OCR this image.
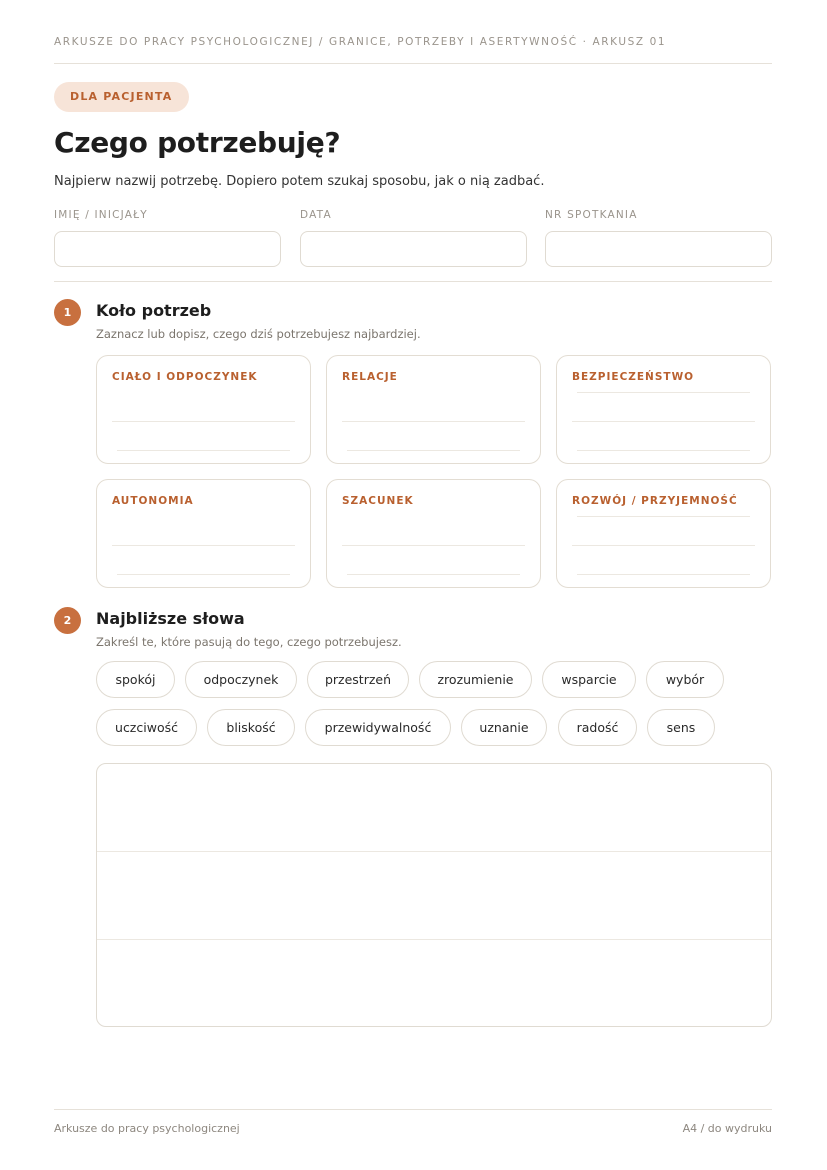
ARKUSZE DO PRACY PSYCHOLOGICZNEJ / GRANICE, POTRZEBY I ASERTYWNOŚĆ · ARKUSZ 01
DLA PACJENTA
Czego potrzebuję?
Najpierw nazwij potrzebę. Dopiero potem szukaj sposobu, jak o nią zadbać.
IMIĘ / INICJAŁY	DATA	NR SPOTKANIA
1	Koło potrzeb
Zaznacz lub dopisz, czego dziś potrzebujesz najbardziej.
CIAŁO I ODPOCZYNEK	RELACJE	BEZPIECZEŃSTWO
AUTONOMIA	SZACUNEK	ROZWÓJ / PRZYJEMNOŚĆ
2	Najbliższe słowa
Zakreśl te, które pasują do tego, czego potrzebujesz.
spokój	odpoczynek	przestrzeń	zrozumienie	wsparcie	wybór
uczciwość	bliskość	przewidywalność	uznanie	radość	sens
Arkusze do pracy psychologicznej	A4 / do wydruku
